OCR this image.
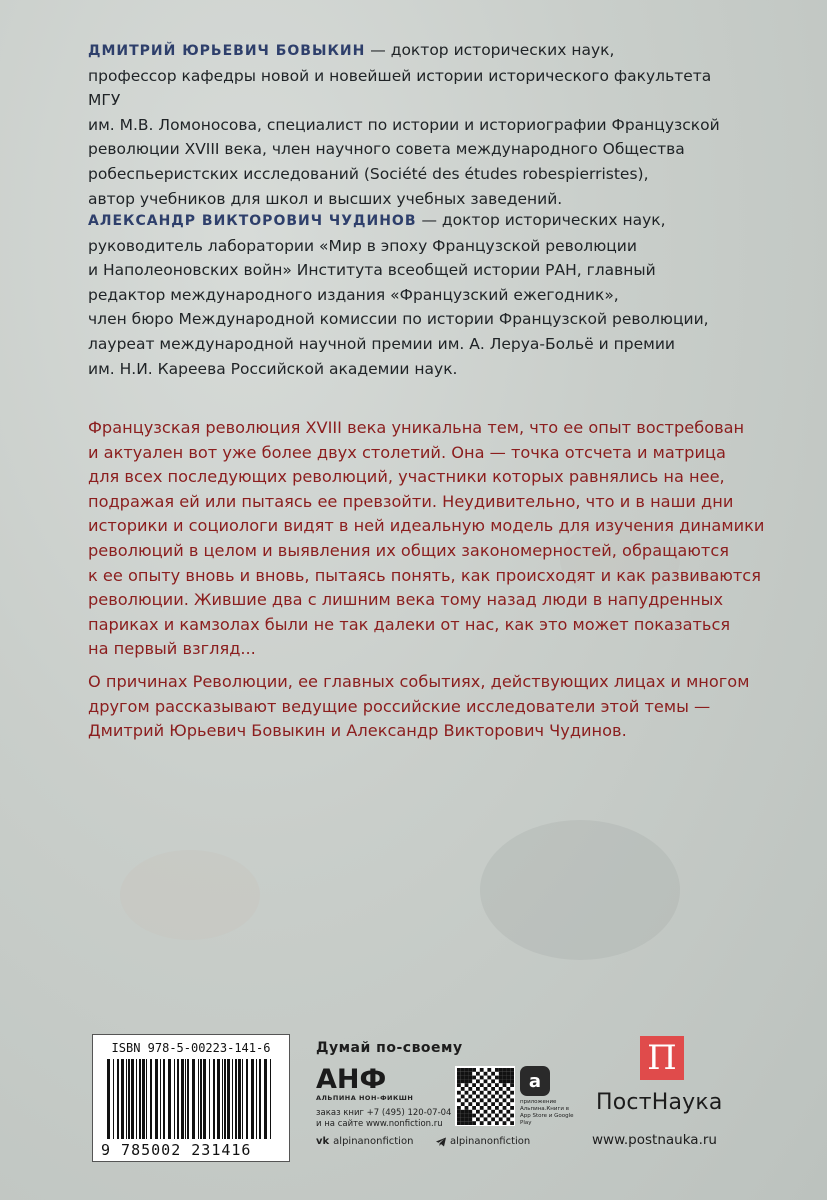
ДМИТРИЙ ЮРЬЕВИЧ БОВЫКИН — доктор исторических наук,

профессор кафедры новой и новейшей истории исторического факультета МГУ

им. М.В. Ломоносова, специалист по истории и историографии Французской

революции XVIII века, член научного совета международного Общества

робеспьеристских исследований (Société des études robespierristes),

автор учебников для школ и высших учебных заведений.

АЛЕКСАНДР ВИКТОРОВИЧ ЧУДИНОВ — доктор исторических наук,

руководитель лаборатории «Мир в эпоху Французской революции

и Наполеоновских войн» Института всеобщей истории РАН, главный

редактор международного издания «Французский ежегодник»,

член бюро Международной комиссии по истории Французской революции,

лауреат международной научной премии им. А. Леруа-Больё и премии

им. Н.И. Кареева Российской академии наук.

Французская революция XVIII века уникальна тем, что ее опыт востребован

и актуален вот уже более двух столетий. Она — точка отсчета и матрица

для всех последующих революций, участники которых равнялись на нее,

подражая ей или пытаясь ее превзойти. Неудивительно, что и в наши дни

историки и социологи видят в ней идеальную модель для изучения динамики

революций в целом и выявления их общих закономерностей, обращаются

к ее опыту вновь и вновь, пытаясь понять, как происходят и как развиваются

революции. Жившие два с лишним века тому назад люди в напудренных

париках и камзолах были не так далеки от нас, как это может показаться

на первый взгляд...

О причинах Революции, ее главных событиях, действующих лицах и многом

другом рассказывают ведущие российские исследователи этой темы —

Дмитрий Юрьевич Бовыкин и Александр Викторович Чудинов.

ISBN 978-5-00223-141-6
9 785002 231416
Думай по-своему
АНФ
АЛЬПИНА НОН-ФИКШН
заказ книг +7 (495) 120-07-04
и на сайте www.nonfiction.ru
vk alpinanonfiction	alpinanonfiction
a
приложение Альпина.Книги в App Store и Google Play
П
ПостНаука
www.postnauka.ru
